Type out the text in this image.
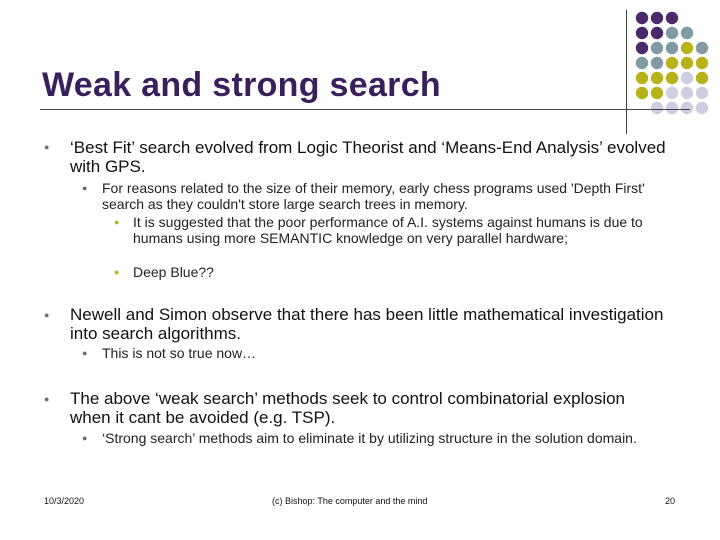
Weak and strong search
● ‘Best Fit’ search evolved from Logic Theorist and ‘Means-End Analysis’ evolved with GPS.
● For reasons related to the size of their memory, early chess programs used 'Depth First' search as they couldn't store large search trees in memory.
● It is suggested that the poor performance of A.I. systems against humans is due to humans using more SEMANTIC knowledge on very parallel hardware;
● Deep Blue??
● Newell and Simon observe that there has been little mathematical investigation into search algorithms.
● This is not so true now…
● The above ‘weak search’ methods seek to control combinatorial explosion when it cant be avoided (e.g. TSP).
● ‘Strong search’ methods aim to eliminate it by utilizing structure in the solution domain.
10/3/2020	(c) Bishop: The computer and the mind	20
